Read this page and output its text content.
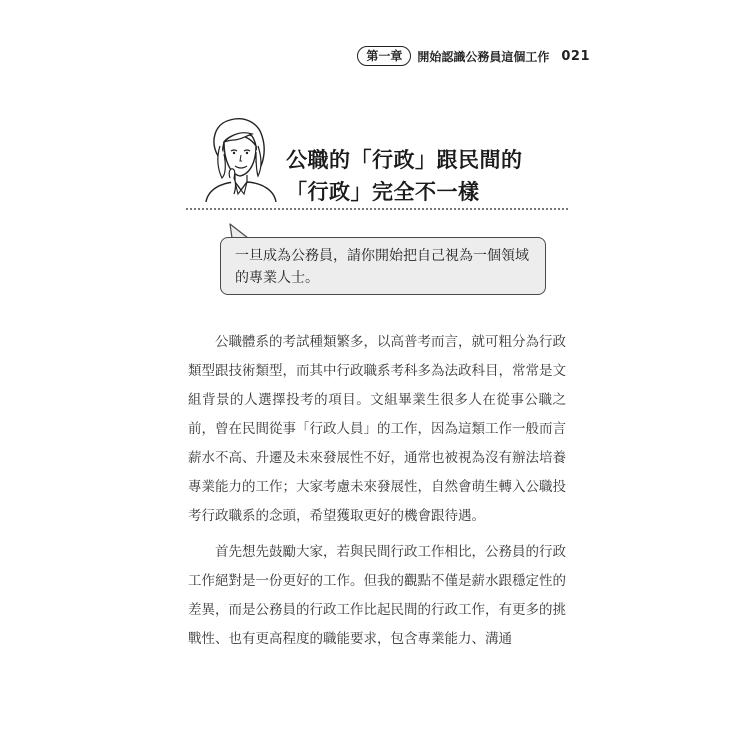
第一章	開始認識公務員這個工作 021
公職的「行政」跟民間的
「行政」完全不一樣
一旦成為公務員，請你開始把自己視為一個領域的專業人士。

公職體系的考試種類繁多，以高普考而言，就可粗分為行政類型跟技術類型，而其中行政職系考科多為法政科目，常常是文組背景的人選擇投考的項目。文組畢業生很多人在從事公職之前，曾在民間從事「行政人員」的工作，因為這類工作一般而言薪水不高、升遷及未來發展性不好，通常也被視為沒有辦法培養專業能力的工作；大家考慮未來發展性，自然會萌生轉入公職投考行政職系的念頭，希望獲取更好的機會跟待遇。

首先想先鼓勵大家，若與民間行政工作相比，公務員的行政工作絕對是一份更好的工作。但我的觀點不僅是薪水跟穩定性的差異，而是公務員的行政工作比起民間的行政工作，有更多的挑戰性、也有更高程度的職能要求，包含專業能力、溝通
